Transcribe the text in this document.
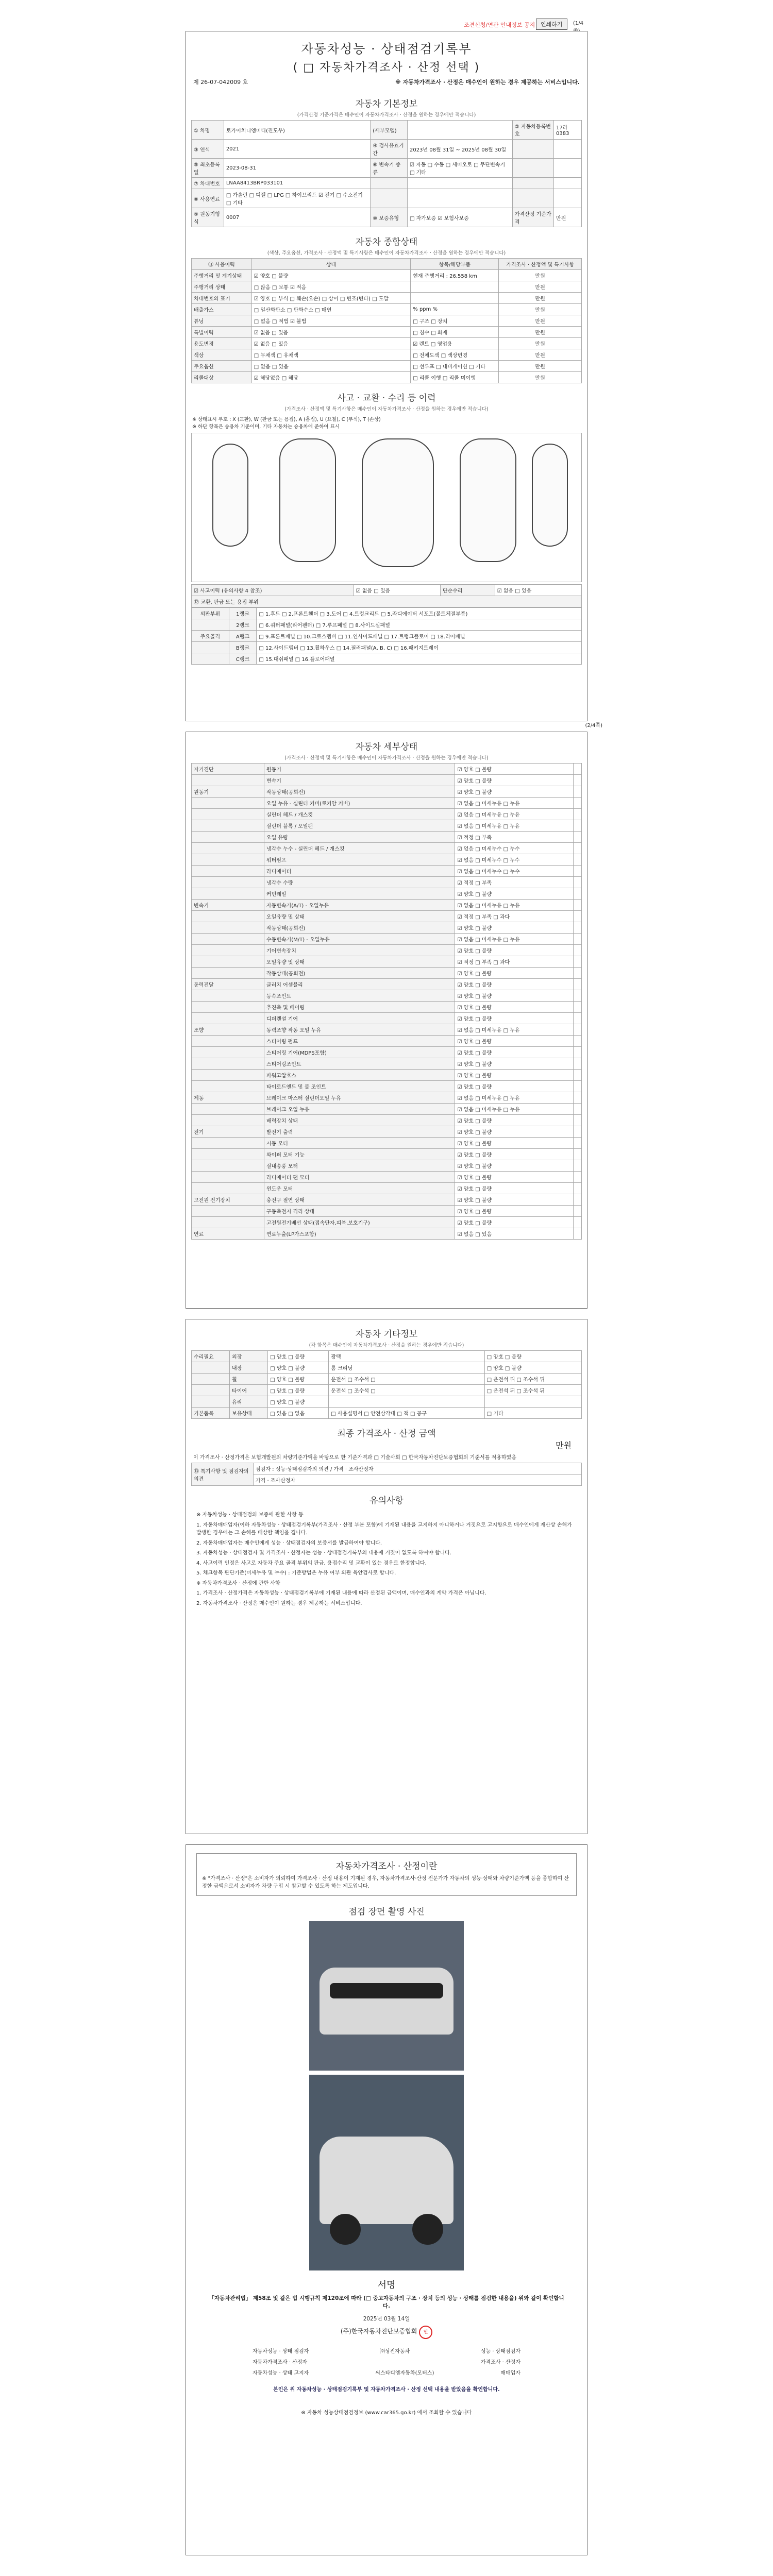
조견신청/연관 안내정보 공지 인쇄하기	(1/4
자동차성능 · 상태점검기록부
( □ 자동차가격조사 · 산정 선택 )
제 26-07-042009 호	※ 자동차가격조사 · 산정은 매수인이 원하는 경우 제공하는 서비스입니다.
자동차 기본정보
(가격산정 기준가격은 매수인이 자동차가격조사 · 산정을 원하는 경우에만 적습니다)
① 차명	토가이치니엠미디(진도우)	(세부모델)		② 자동차등록번호	17라0383
③ 연식	2021	④ 검사유효기간	2023년 08월 31일 ~ 2025년 08월 30일		
⑤ 최초등록일	2023-08-31	⑥ 변속기 종류	☑ 자동 □ 수동 □ 세미오토 □ 무단변속기 □ 기타		
⑦ 차대번호	LNAA8413BRP033101				
⑧ 사용연료	□ 가솔린 □ 디젤 □ LPG □ 하이브리드 ☑ 전기 □ 수소전기 □ 기타				
⑨ 원동기형식	0007	⑩ 보증유형	□ 자가보증 ☑ 보험사보증	가격산정 기준가격	만원
자동차 종합상태
(색상, 주요옵션, 가격조사 · 산정액 및 특기사항은 매수인이 자동차가격조사 · 산정을 원하는 경우에만 적습니다)
⑪ 사용이력	상태	항목/해당부품	가격조사 · 산정액 및 특기사항
주행거리 및 계기상태	☑ 양호 □ 불량	현재 주행거리 : 26,558 km	만원
주행거리 상태	□ 많음 □ 보통 ☑ 적음		만원
차대번호의 표기	☑ 양호 □ 부식 □ 훼손(오손) □ 상이 □ 변조(변타) □ 도말		만원
배출가스	□ 일산화탄소 □ 탄화수소 □ 매연	% ppm %	만원
튜닝	□ 없음 □ 적법 ☑ 불법	□ 구조 □ 장치	만원
특별이력	☑ 없음 □ 있음	□ 침수 □ 화재	만원
용도변경	☑ 없음 □ 있음	☑ 렌트 □ 영업용	만원
색상	□ 무채색 □ 유채색	□ 전체도색 □ 색상변경	만원
주요옵션	□ 없음 □ 있음	□ 선루프 □ 내비게이션 □ 기타	만원
리콜대상	☑ 해당없음 □ 해당	□ 리콜 이행 □ 리콜 미이행	만원
사고 · 교환 · 수리 등 이력
(가격조사 · 산정액 및 특기사항은 매수인이 자동차가격조사 · 산정을 원하는 경우에만 적습니다)
※ 상태표시 부호 : X (교환), W (판금 또는 용접), A (흠집), U (요철), C (부식), T (손상)
※ 하단 항목은 승용차 기준이며, 기타 자동차는 승용차에 준하여 표시
☑ 사고이력 (유의사항 4 참조)	☑ 없음 □ 있음	단순수리	☑ 없음 □ 있음
⑫ 교환, 판금 또는 용접 부위
외판부위	1랭크	□ 1.후드 □ 2.프론트휀더 □ 3.도어 □ 4.트렁크리드 □ 5.라디에이터 서포트(볼트체결부품)
	2랭크	□ 6.쿼터패널(리어펜더) □ 7.루프패널 □ 8.사이드실패널
주요골격	A랭크	□ 9.프론트패널 □ 10.크로스멤버 □ 11.인사이드패널 □ 17.트렁크플로어 □ 18.리어패널
	B랭크	□ 12.사이드멤버 □ 13.휠하우스 □ 14.필러패널(A, B, C) □ 16.패키지트레이
	C랭크	□ 15.대쉬패널 □ 16.플로어패널
(2/4쪽)
자동차 세부상태
(가격조사 · 산정액 및 특기사항은 매수인이 자동차가격조사 · 산정을 원하는 경우에만 적습니다)
자기진단	원동기	☑ 양호 □ 불량	
	변속기	☑ 양호 □ 불량	
원동기	작동상태(공회전)	☑ 양호 □ 불량	
	오일 누유 - 실린더 커버(로커암 커버)	☑ 없음 □ 미세누유 □ 누유	
	실린더 헤드 / 개스킷	☑ 없음 □ 미세누유 □ 누유	
	실린더 블록 / 오일팬	☑ 없음 □ 미세누유 □ 누유	
	오일 유량	☑ 적정 □ 부족	
	냉각수 누수 - 실린더 헤드 / 개스킷	☑ 없음 □ 미세누수 □ 누수	
	워터펌프	☑ 없음 □ 미세누수 □ 누수	
	라디에이터	☑ 없음 □ 미세누수 □ 누수	
	냉각수 수량	☑ 적정 □ 부족	
	커먼레일	☑ 양호 □ 불량	
변속기	자동변속기(A/T) - 오일누유	☑ 없음 □ 미세누유 □ 누유	
	오일유량 및 상태	☑ 적정 □ 부족 □ 과다	
	작동상태(공회전)	☑ 양호 □ 불량	
	수동변속기(M/T) - 오일누유	☑ 없음 □ 미세누유 □ 누유	
	기어변속장치	☑ 양호 □ 불량	
	오일유량 및 상태	☑ 적정 □ 부족 □ 과다	
	작동상태(공회전)	☑ 양호 □ 불량	
동력전달	클러치 어셈블리	☑ 양호 □ 불량	
	등속조인트	☑ 양호 □ 불량	
	추진축 및 베어링	☑ 양호 □ 불량	
	디퍼렌셜 기어	☑ 양호 □ 불량	
조향	동력조향 작동 오일 누유	☑ 없음 □ 미세누유 □ 누유	
	스티어링 펌프	☑ 양호 □ 불량	
	스티어링 기어(MDPS포함)	☑ 양호 □ 불량	
	스티어링조인트	☑ 양호 □ 불량	
	파워고압호스	☑ 양호 □ 불량	
	타이로드엔드 및 볼 조인트	☑ 양호 □ 불량	
제동	브레이크 마스터 실린더오일 누유	☑ 없음 □ 미세누유 □ 누유	
	브레이크 오일 누유	☑ 없음 □ 미세누유 □ 누유	
	배력장치 상태	☑ 양호 □ 불량	
전기	발전기 출력	☑ 양호 □ 불량	
	시동 모터	☑ 양호 □ 불량	
	와이퍼 모터 기능	☑ 양호 □ 불량	
	실내송풍 모터	☑ 양호 □ 불량	
	라디에이터 팬 모터	☑ 양호 □ 불량	
	윈도우 모터	☑ 양호 □ 불량	
고전원 전기장치	충전구 절연 상태	☑ 양호 □ 불량	
	구동축전지 격리 상태	☑ 양호 □ 불량	
	고전원전기배선 상태(접속단자,피복,보호기구)	☑ 양호 □ 불량	
연료	연료누출(LP가스포함)	☑ 없음 □ 있음	
자동차 기타정보
(각 항목은 매수인이 자동차가격조사 · 산정을 원하는 경우에만 적습니다)
수리필요	외장	□ 양호 □ 불량	광택	□ 양호 □ 불량
	내장	□ 양호 □ 불량	룸 크리닝	□ 양호 □ 불량
	휠	□ 양호 □ 불량	운전석 □ 조수석 □	□ 운전석 뒤 □ 조수석 뒤
	타이어	□ 양호 □ 불량	운전석 □ 조수석 □	□ 운전석 뒤 □ 조수석 뒤
	유리	□ 양호 □ 불량		
기본품목	보유상태	□ 있음 □ 없음	□ 사용설명서 □ 안전삼각대 □ 잭 □ 공구	□ 기타
최종 가격조사 · 산정 금액
만원
이 가격조사 · 산정가격은 보험개발원의 차량기준가액을 바탕으로 한 기준가격과 □ 기술사회 □ 한국자동차진단보증협회의 기준서를 적용하였음
⑬ 특기사항 및 점검자의 의견	점검자 : 성능·상태점검자의 의견 / 가격 · 조사산정자
가격 · 조사산정자
유의사항

※ 자동차성능 · 상태점검의 보증에 관한 사항 등

1. 자동차매매업자(이하 자동차성능 · 상태점검기록부(가격조사 · 산정 부분 포함)에 기재된 내용을 고지하지 아니하거나 거짓으로 고지함으로 매수인에게 재산상 손해가 발생한 경우에는 그 손해를 배상할 책임을 집니다.

2. 자동차매매업자는 매수인에게 성능 · 상태점검자의 보증서를 발급하여야 합니다.

3. 자동차성능 · 상태점검자 및 가격조사 · 산정자는 성능 · 상태점검기록부의 내용에 거짓이 없도록 하여야 합니다.

4. 사고이력 인정은 사고로 자동차 주요 골격 부위의 판금, 용접수리 및 교환이 있는 경우로 한정합니다.

5. 체크항목 판단기준(미세누유 및 누수) : 기준방법은 누유 여부 외관 육안검사로 합니다.

※ 자동차가격조사 · 산정에 관한 사항

1. 가격조사 · 산정가격은 자동차성능 · 상태점검기록부에 기재된 내용에 따라 산정된 금액이며, 매수인과의 계약 가격은 아닙니다.

2. 자동차가격조사 · 산정은 매수인이 원하는 경우 제공하는 서비스입니다.

자동차가격조사 · 산정이란
※ "가격조사 · 산정"은 소비자가 의뢰하여 가격조사 · 산정 내용이 기재된 경우, 자동차가격조사·산정 전문가가 자동차의 성능·상태와 차량기준가액 등을 종합하여 산정한 금액으로서 소비자가 차량 구입 시 참고할 수 있도록 하는 제도입니다.
점검 장면 촬영 사진
서명
「자동차관리법」 제58조 및 같은 법 시행규칙 제120조에 따라 (□ 중고자동차의 구조 · 장치 등의 성능 · 상태를 점검한 내용을) 위와 같이 확인합니다.
2025년 03월 14일
(주)한국자동차진단보증협회 인
자동차성능 · 상태 점검자	㈜성진자동차	성능 · 상태점검자
자동차가격조사 · 산정자	가격조사 · 산정자
자동차성능 · 상태 고지자	씨스타디엠자동차(모터스)	매매업자
본인은 위 자동차성능 · 상태점검기록부 및 자동차가격조사 · 산정 선택 내용을 받았음을 확인합니다.
※ 자동차 성능상태점검정보 (www.car365.go.kr) 에서 조회할 수 있습니다
